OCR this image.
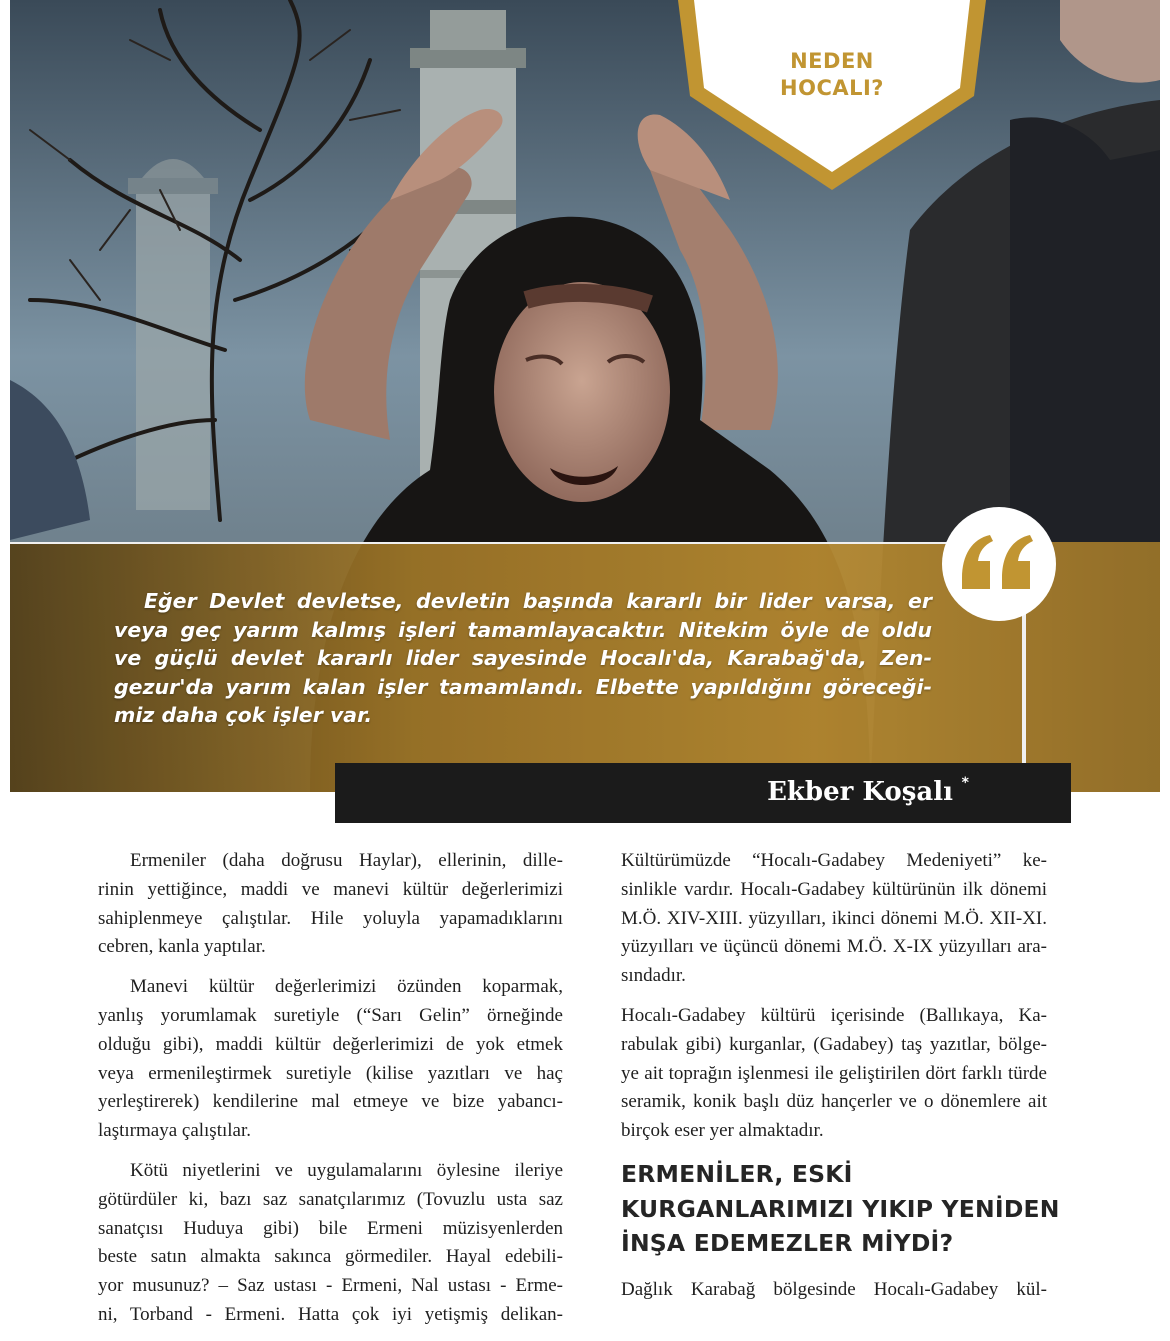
NEDEN
HOCALI?
Eğer Devlet devletse, devletin başında kararlı bir lider varsa, er
veya geç yarım kalmış işleri tamamlayacaktır. Nitekim öyle de oldu
ve güçlü devlet kararlı lider sayesinde Hocalı'da, Karabağ'da, Zen-
gezur'da yarım kalan işler tamamlandı. Elbette yapıldığını göreceği-
miz daha çok işler var.
Ekber Koşalı *
Ermeniler (daha doğrusu Haylar), ellerinin, dille-
rinin yettiğince, maddi ve manevi kültür değerlerimizi
sahiplenmeye çalıştılar. Hile yoluyla yapamadıklarını
cebren, kanla yaptılar.
Manevi kültür değerlerimizi özünden koparmak,
yanlış yorumlamak suretiyle (“Sarı Gelin” örneğinde
olduğu gibi), maddi kültür değerlerimizi de yok etmek
veya ermenileştirmek suretiyle (kilise yazıtları ve haç
yerleştirerek) kendilerine mal etmeye ve bize yabancı-
laştırmaya çalıştılar.
Kötü niyetlerini ve uygulamalarını öylesine ileriye
götürdüler ki, bazı saz sanatçılarımız (Tovuzlu usta saz
sanatçısı Huduya gibi) bile Ermeni müzisyenlerden
beste satın almakta sakınca görmediler. Hayal edebili-
yor musunuz? – Saz ustası - Ermeni, Nal ustası - Erme-
ni, Torband - Ermeni. Hatta çok iyi yetişmiş delikan-
Kültürümüzde “Hocalı-Gadabey Medeniyeti” ke-
sinlikle vardır. Hocalı-Gadabey kültürünün ilk dönemi
M.Ö. XIV-XIII. yüzyılları, ikinci dönemi M.Ö. XII-XI.
yüzyılları ve üçüncü dönemi M.Ö. X-IX yüzyılları ara-
sındadır.
Hocalı-Gadabey kültürü içerisinde (Ballıkaya, Ka-
rabulak gibi) kurganlar, (Gadabey) taş yazıtlar, bölge-
ye ait toprağın işlenmesi ile geliştirilen dört farklı türde
seramik, konik başlı düz hançerler ve o dönemlere ait
birçok eser yer almaktadır.
ERMENİLER, ESKİ
KURGANLARIMIZI YIKIP YENİDEN
İNŞA EDEMEZLER MİYDİ?
Dağlık Karabağ bölgesinde Hocalı-Gadabey kül-
